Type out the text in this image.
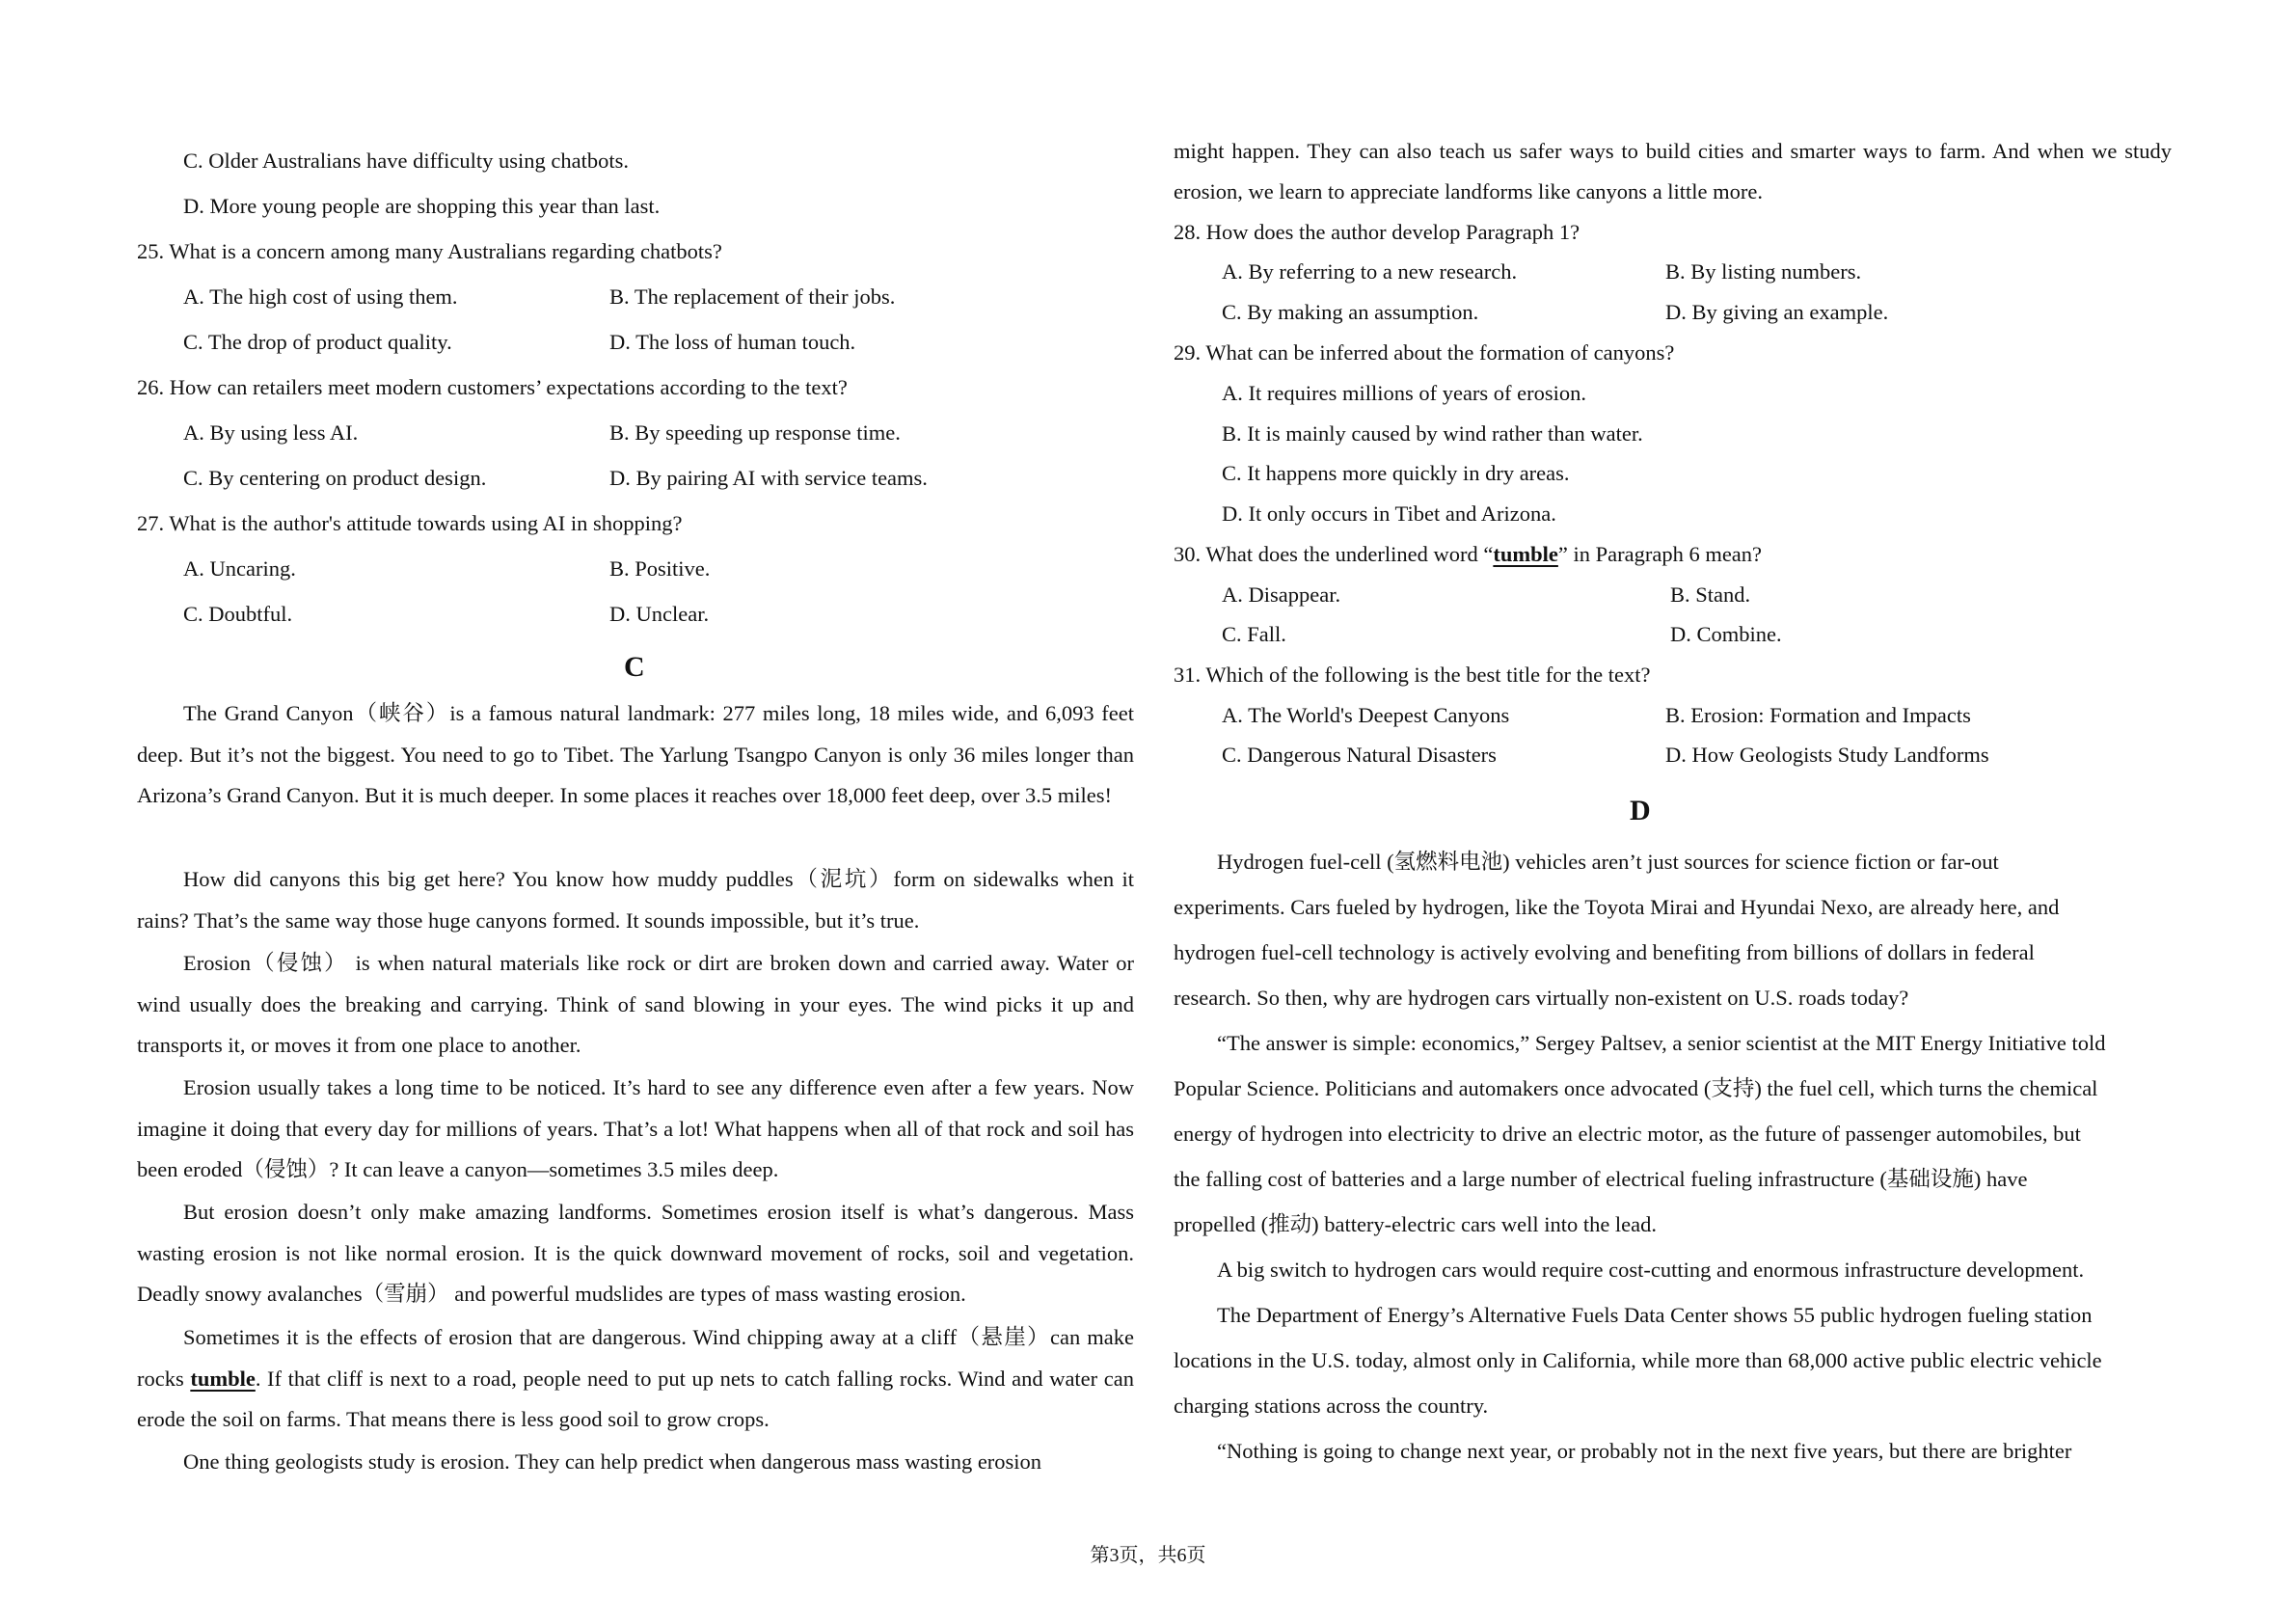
C. Older Australians have difficulty using chatbots.
D. More young people are shopping this year than last.
25. What is a concern among many Australians regarding chatbots?
A. The high cost of using them.	B. The replacement of their jobs.
C. The drop of product quality.	D. The loss of human touch.
26. How can retailers meet modern customers’ expectations according to the text?
A. By using less AI.	B. By speeding up response time.
C. By centering on product design.	D. By pairing AI with service teams.
27. What is the author's attitude towards using AI in shopping?
A. Uncaring.	B. Positive.
C. Doubtful.	D. Unclear.
C
The Grand Canyon（峡谷）is a famous natural landmark: 277 miles long, 18 miles wide, and 6,093 feet deep. But it’s not the biggest. You need to go to Tibet. The Yarlung Tsangpo Canyon is only 36 miles longer than Arizona’s Grand Canyon. But it is much deeper. In some places it reaches over 18,000 feet deep, over 3.5 miles!
How did canyons this big get here? You know how muddy puddles（泥坑）form on sidewalks when it rains? That’s the same way those huge canyons formed. It sounds impossible, but it’s true.
Erosion（侵蚀） is when natural materials like rock or dirt are broken down and carried away. Water or wind usually does the breaking and carrying. Think of sand blowing in your eyes. The wind picks it up and transports it, or moves it from one place to another.
Erosion usually takes a long time to be noticed. It’s hard to see any difference even after a few years. Now imagine it doing that every day for millions of years. That’s a lot! What happens when all of that rock and soil has been eroded（侵蚀）? It can leave a canyon—sometimes 3.5 miles deep.
But erosion doesn’t only make amazing landforms. Sometimes erosion itself is what’s dangerous. Mass wasting erosion is not like normal erosion. It is the quick downward movement of rocks, soil and vegetation. Deadly snowy avalanches（雪崩） and powerful mudslides are types of mass wasting erosion.
Sometimes it is the effects of erosion that are dangerous. Wind chipping away at a cliff（悬崖）can make rocks tumble. If that cliff is next to a road, people need to put up nets to catch falling rocks. Wind and water can erode the soil on farms. That means there is less good soil to grow crops.
One thing geologists study is erosion. They can help predict when dangerous mass wasting erosion
might happen. They can also teach us safer ways to build cities and smarter ways to farm. And when we study erosion, we learn to appreciate landforms like canyons a little more.
28. How does the author develop Paragraph 1?
A. By referring to a new research.	B. By listing numbers.
C. By making an assumption.	D. By giving an example.
29. What can be inferred about the formation of canyons?
A. It requires millions of years of erosion.
B. It is mainly caused by wind rather than water.
C. It happens more quickly in dry areas.
D. It only occurs in Tibet and Arizona.
30. What does the underlined word “tumble” in Paragraph 6 mean?
A. Disappear.	B. Stand.
C. Fall.	D. Combine.
31. Which of the following is the best title for the text?
A. The World's Deepest Canyons	B. Erosion: Formation and Impacts
C. Dangerous Natural Disasters	D. How Geologists Study Landforms
D
Hydrogen fuel-cell (氢燃料电池) vehicles aren’t just sources for science fiction or far-out
experiments. Cars fueled by hydrogen, like the Toyota Mirai and Hyundai Nexo, are already here, and
hydrogen fuel-cell technology is actively evolving and benefiting from billions of dollars in federal
research. So then, why are hydrogen cars virtually non-existent on U.S. roads today?
“The answer is simple: economics,” Sergey Paltsev, a senior scientist at the MIT Energy Initiative told
Popular Science. Politicians and automakers once advocated (支持) the fuel cell, which turns the chemical
energy of hydrogen into electricity to drive an electric motor, as the future of passenger automobiles, but
the falling cost of batteries and a large number of electrical fueling infrastructure (基础设施) have
propelled (推动) battery-electric cars well into the lead.
A big switch to hydrogen cars would require cost-cutting and enormous infrastructure development.
The Department of Energy’s Alternative Fuels Data Center shows 55 public hydrogen fueling station
locations in the U.S. today, almost only in California, while more than 68,000 active public electric vehicle
charging stations across the country.
“Nothing is going to change next year, or probably not in the next five years, but there are brighter
第3页，共6页
